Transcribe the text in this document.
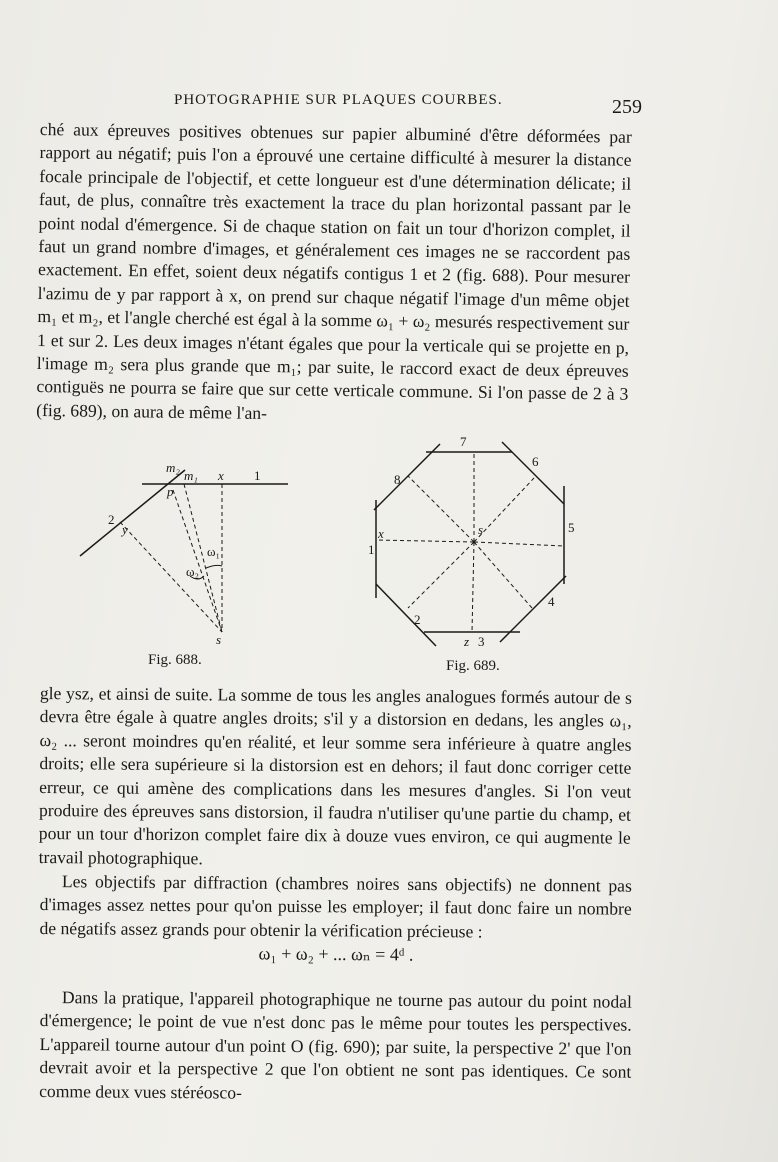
PHOTOGRAPHIE SUR PLAQUES COURBES.	259
ché aux épreuves positives obtenues sur papier albuminé d'être déformées par rapport au négatif; puis l'on a éprouvé une certaine difficulté à mesurer la distance focale principale de l'objectif, et cette longueur est d'une détermination délicate; il faut, de plus, connaître très exactement la trace du plan horizontal passant par le point nodal d'émergence. Si de chaque station on fait un tour d'horizon complet, il faut un grand nombre d'images, et généralement ces images ne se raccordent pas exactement. En effet, soient deux négatifs contigus 1 et 2 (fig. 688). Pour mesurer l'azimu de y par rapport à x, on prend sur chaque négatif l'image d'un même objet m₁ et m₂, et l'angle cherché est égal à la somme ω₁ + ω₂ mesurés respectivement sur 1 et sur 2. Les deux images n'étant égales que pour la verticale qui se projette en p, l'image m₂ sera plus grande que m₁; par suite, le raccord exact de deux épreuves contiguës ne pourra se faire que sur cette verticale commune. Si l'on passe de 2 à 3 (fig. 689), on aura de même l'an-
m₂
m₁ x 1
p
2
y
ω₁
ω₂
s
Fig. 688.
7
6
5
4
3
2
1
8
s
z
x
Fig. 689.

gle ysz, et ainsi de suite. La somme de tous les angles analogues formés autour de s devra être égale à quatre angles droits; s'il y a distorsion en dedans, les angles ω₁, ω₂ ... seront moindres qu'en réalité, et leur somme sera inférieure à quatre angles droits; elle sera supérieure si la distorsion est en dehors; il faut donc corriger cette erreur, ce qui amène des complications dans les mesures d'angles. Si l'on veut produire des épreuves sans distorsion, il faudra n'utiliser qu'une partie du champ, et pour un tour d'horizon complet faire dix à douze vues environ, ce qui augmente le travail photographique.

Les objectifs par diffraction (chambres noires sans objectifs) ne donnent pas d'images assez nettes pour qu'on puisse les employer; il faut donc faire un nombre de négatifs assez grands pour obtenir la vérification précieuse :

ω₁ + ω₂ + ... ωₙ = 4ᵈ .

Dans la pratique, l'appareil photographique ne tourne pas autour du point nodal d'émergence; le point de vue n'est donc pas le même pour toutes les perspectives. L'appareil tourne autour d'un point O (fig. 690); par suite, la perspective 2' que l'on devrait avoir et la perspective 2 que l'on obtient ne sont pas identiques. Ce sont comme deux vues stéréosco-
